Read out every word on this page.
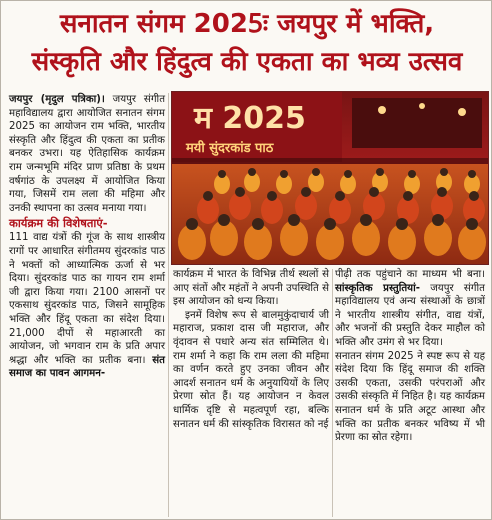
सनातन संगम 2025ः जयपुर में भक्ति,
संस्कृति और हिंदुत्व की एकता का भव्य उत्सव

जयपुर (मृदुल पत्रिका)। जयपुर संगीत महाविद्यालय द्वारा आयोजित सनातन संगम 2025 का आयोजन राम भक्ति, भारतीय संस्कृति और हिंदुत्व की एकता का प्रतीक बनकर उभरा। यह ऐतिहासिक कार्यक्रम राम जन्मभूमि मंदिर प्राण प्रतिष्ठा के प्रथम वर्षगांठ के उपलक्ष्य में आयोजित किया गया, जिसमें राम लला की महिमा और उनकी स्थापना का उत्सव मनाया गया।

कार्यक्रम की विशेषताएं-

111 वाद्य यंत्रों की गूंज के साथ शास्त्रीय रागों पर आधारित संगीतमय सुंदरकांड पाठ ने भक्तों को आध्यात्मिक ऊर्जा से भर दिया। सुंदरकांड पाठ का गायन राम शर्मा जी द्वारा किया गया। 2100 आसनों पर एकसाथ सुंदरकांड पाठ, जिसने सामूहिक भक्ति और हिंदू एकता का संदेश दिया। 21,000 दीपों से महाआरती का आयोजन, जो भगवान राम के प्रति अपार श्रद्धा और भक्ति का प्रतीक बना। संत समाज का पावन आगमन-

म 2025
मयी सुंदरकांड पाठ

कार्यक्रम में भारत के विभिन्न तीर्थ स्थलों से आए संतों और महंतों ने अपनी उपस्थिति से इस आयोजन को धन्य किया।

इनमें विशेष रूप से बालमुकुंदाचार्य जी महाराज, प्रकाश दास जी महाराज, और वृंदावन से पधारे अन्य संत सम्मिलित थे। राम शर्मा ने कहा कि राम लला की महिमा का वर्णन करते हुए उनका जीवन और आदर्श सनातन धर्म के अनुयायियों के लिए प्रेरणा स्रोत हैं। यह आयोजन न केवल धार्मिक दृष्टि से महत्वपूर्ण रहा, बल्कि सनातन धर्म की सांस्कृतिक विरासत को नई

पीढ़ी तक पहुंचाने का माध्यम भी बना। सांस्कृतिक प्रस्तुतियां- जयपुर संगीत महाविद्यालय एवं अन्य संस्थाओं के छात्रों ने भारतीय शास्त्रीय संगीत, वाद्य यंत्रों, और भजनों की प्रस्तुति देकर माहौल को भक्ति और उमंग से भर दिया।

सनातन संगम 2025 ने स्पष्ट रूप से यह संदेश दिया कि हिंदू समाज की शक्ति उसकी एकता, उसकी परंपराओं और उसकी संस्कृति में निहित है। यह कार्यक्रम सनातन धर्म के प्रति अटूट आस्था और भक्ति का प्रतीक बनकर भविष्य में भी प्रेरणा का स्रोत रहेगा।
